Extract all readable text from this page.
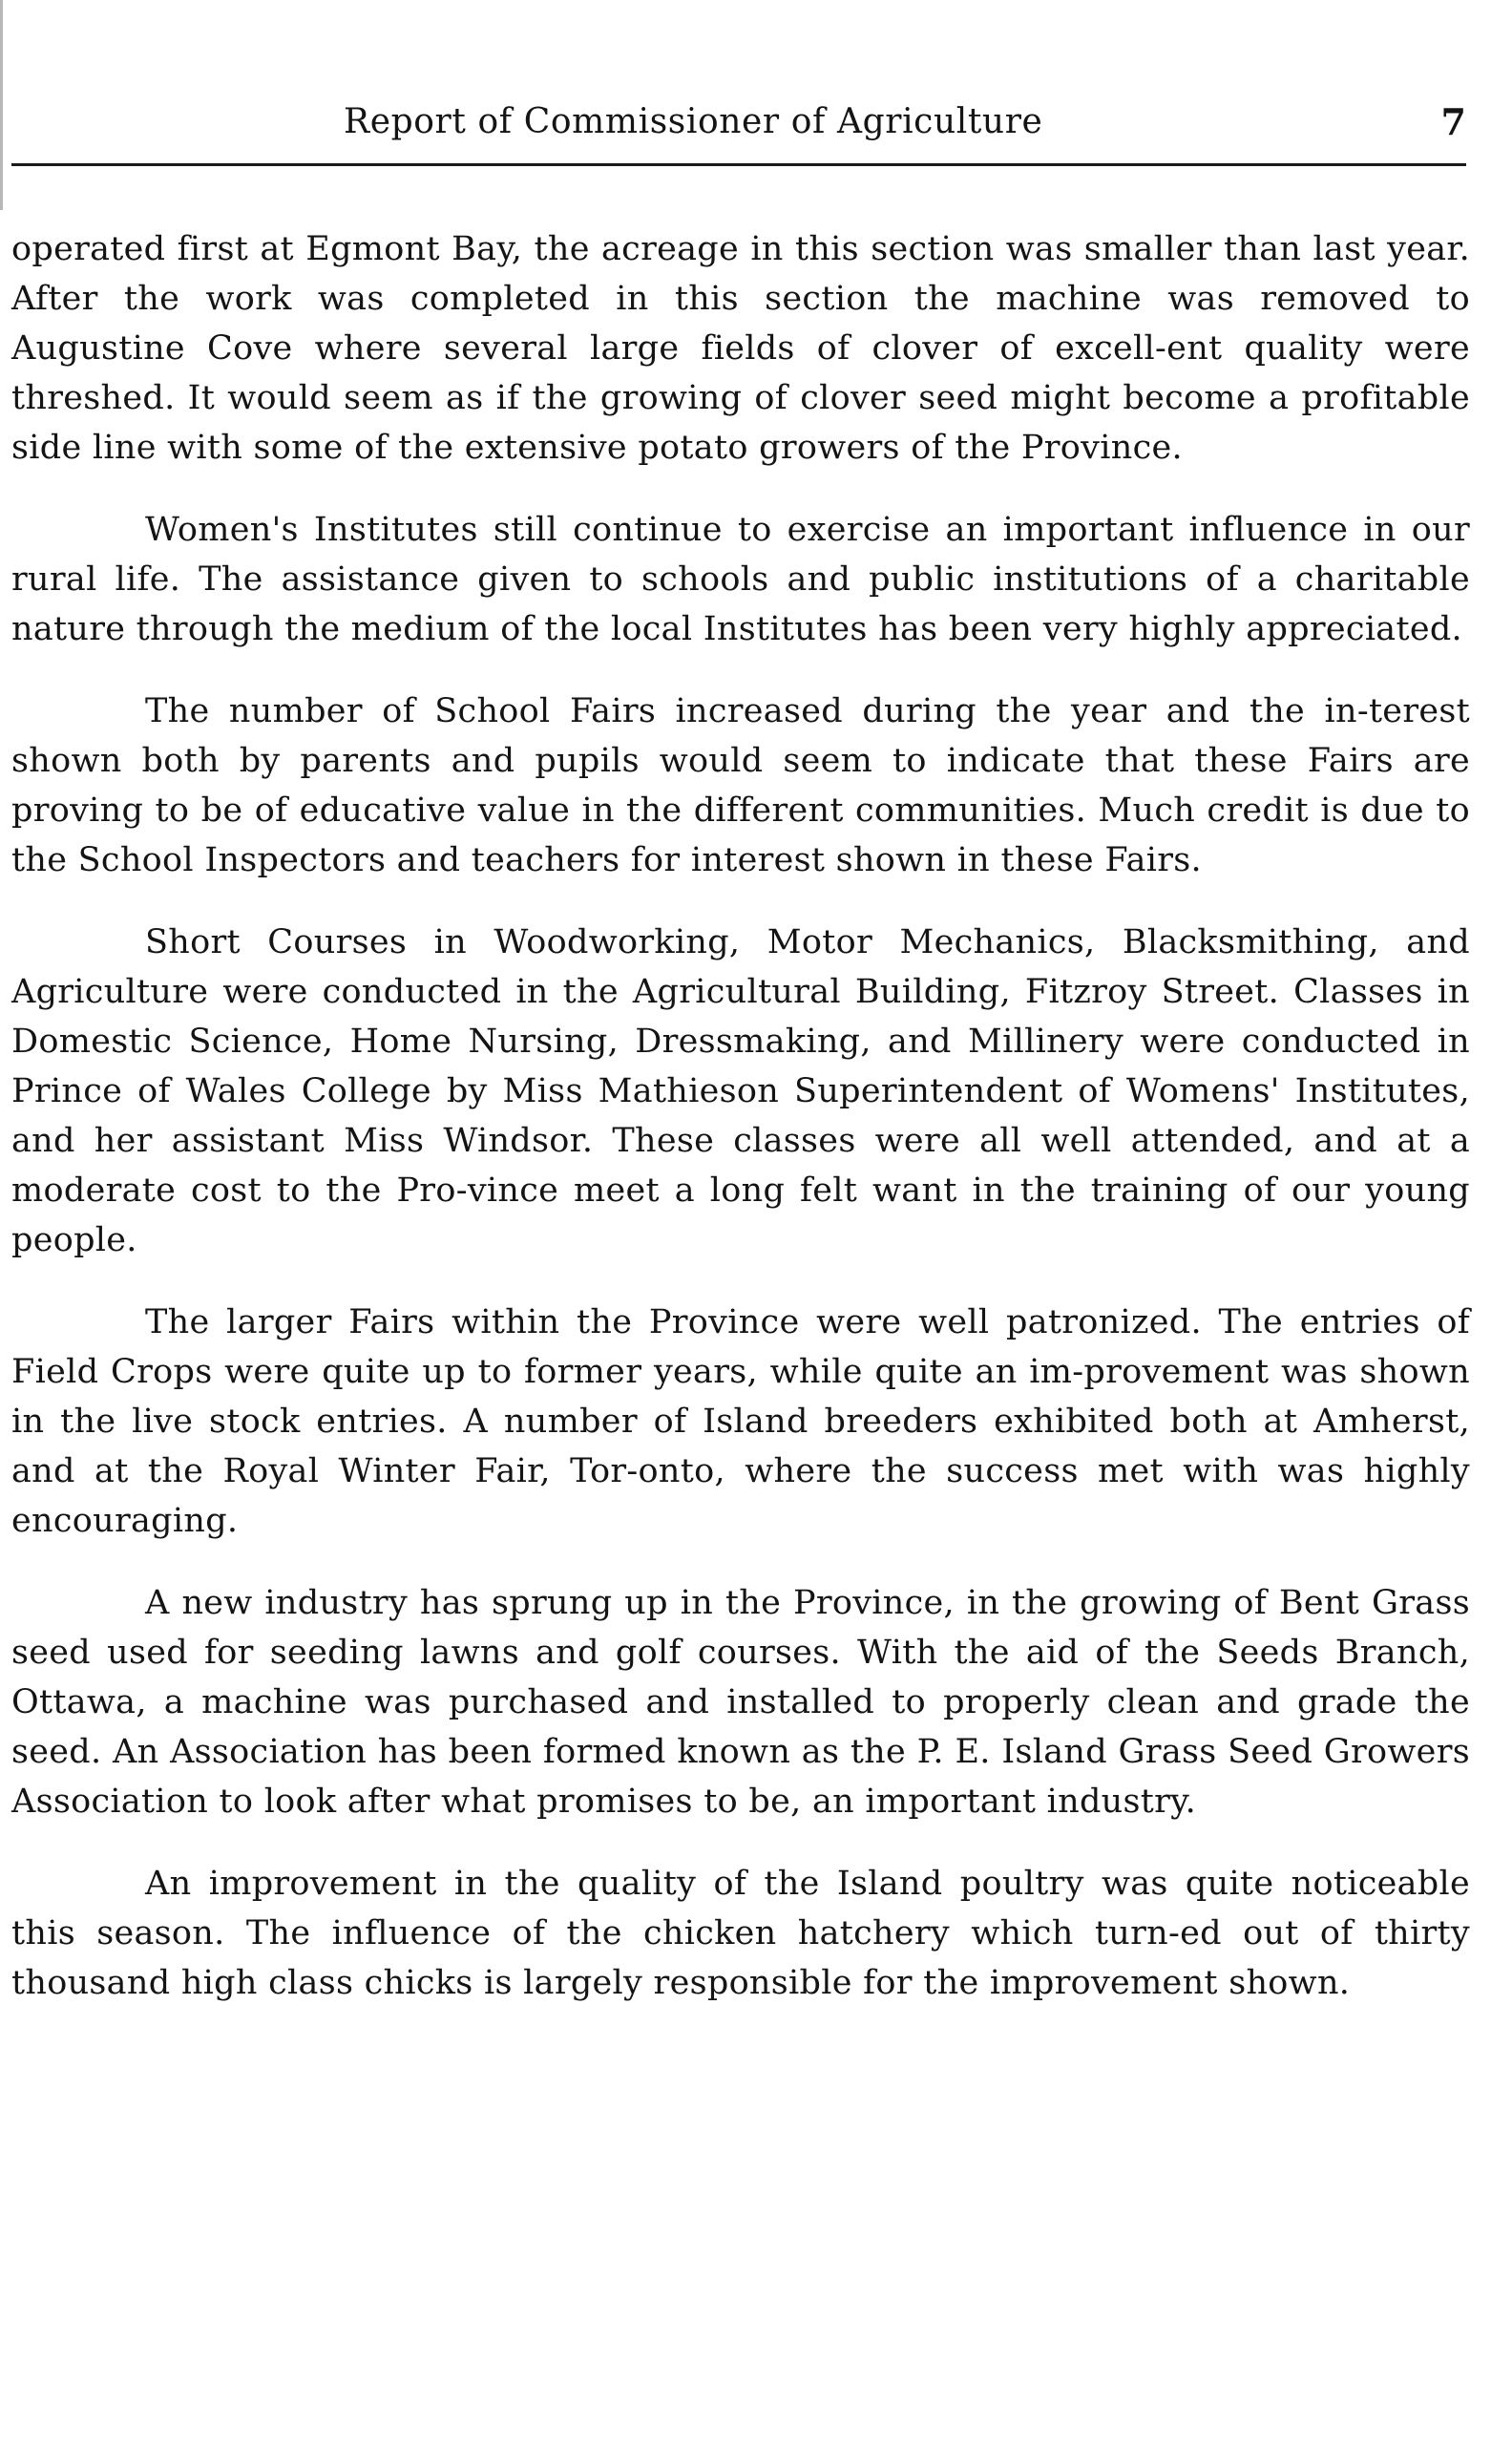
Report of Commissioner of Agriculture	7

operated first at Egmont Bay, the acreage in this section was smaller than last year. After the work was completed in this section the machine was removed to Augustine Cove where several large fields of clover of excell-ent quality were threshed. It would seem as if the growing of clover seed might become a profitable side line with some of the extensive potato growers of the Province.

Women's Institutes still continue to exercise an important influence in our rural life. The assistance given to schools and public institutions of a charitable nature through the medium of the local Institutes has been very highly appreciated.

The number of School Fairs increased during the year and the in-terest shown both by parents and pupils would seem to indicate that these Fairs are proving to be of educative value in the different communities. Much credit is due to the School Inspectors and teachers for interest shown in these Fairs.

Short Courses in Woodworking, Motor Mechanics, Blacksmithing, and Agriculture were conducted in the Agricultural Building, Fitzroy Street. Classes in Domestic Science, Home Nursing, Dressmaking, and Millinery were conducted in Prince of Wales College by Miss Mathieson Superintendent of Womens' Institutes, and her assistant Miss Windsor. These classes were all well attended, and at a moderate cost to the Pro-vince meet a long felt want in the training of our young people.

The larger Fairs within the Province were well patronized. The entries of Field Crops were quite up to former years, while quite an im-provement was shown in the live stock entries. A number of Island breeders exhibited both at Amherst, and at the Royal Winter Fair, Tor-onto, where the success met with was highly encouraging.

A new industry has sprung up in the Province, in the growing of Bent Grass seed used for seeding lawns and golf courses. With the aid of the Seeds Branch, Ottawa, a machine was purchased and installed to properly clean and grade the seed. An Association has been formed known as the P. E. Island Grass Seed Growers Association to look after what promises to be, an important industry.

An improvement in the quality of the Island poultry was quite noticeable this season. The influence of the chicken hatchery which turn-ed out of thirty thousand high class chicks is largely responsible for the improvement shown.
